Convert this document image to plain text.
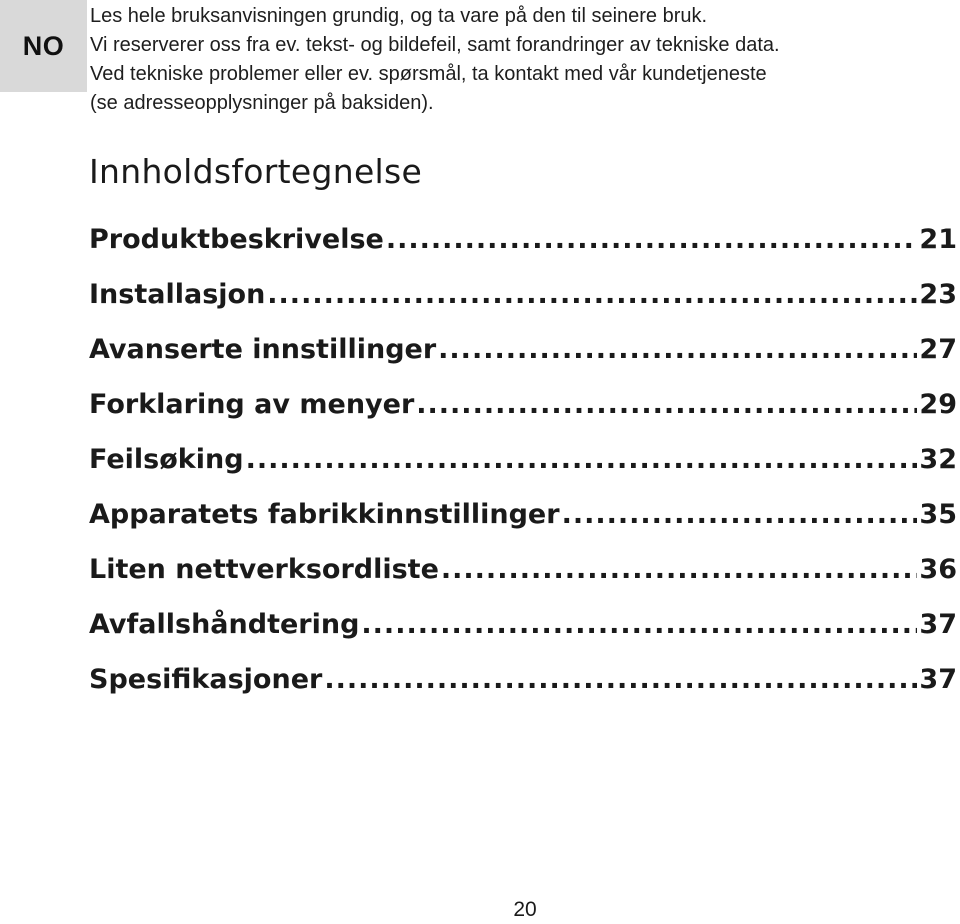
NO

Les hele bruksanvisningen grundig, og ta vare på den til seinere bruk.

Vi reserverer oss fra ev. tekst- og bildefeil, samt forandringer av tekniske data.

Ved tekniske problemer eller ev. spørsmål, ta kontakt med vår kundetjeneste

(se adresseopplysninger på baksiden).

Innholdsfortegnelse
Produktbeskrivelse .....	21
Installasjon .....	23
Avanserte innstillinger .....	27
Forklaring av menyer .....	29
Feilsøking .....	32
Apparatets fabrikkinnstillinger .....	35
Liten nettverksordliste .....	36
Avfallshåndtering .....	37
Spesifikasjoner .....	37
20
